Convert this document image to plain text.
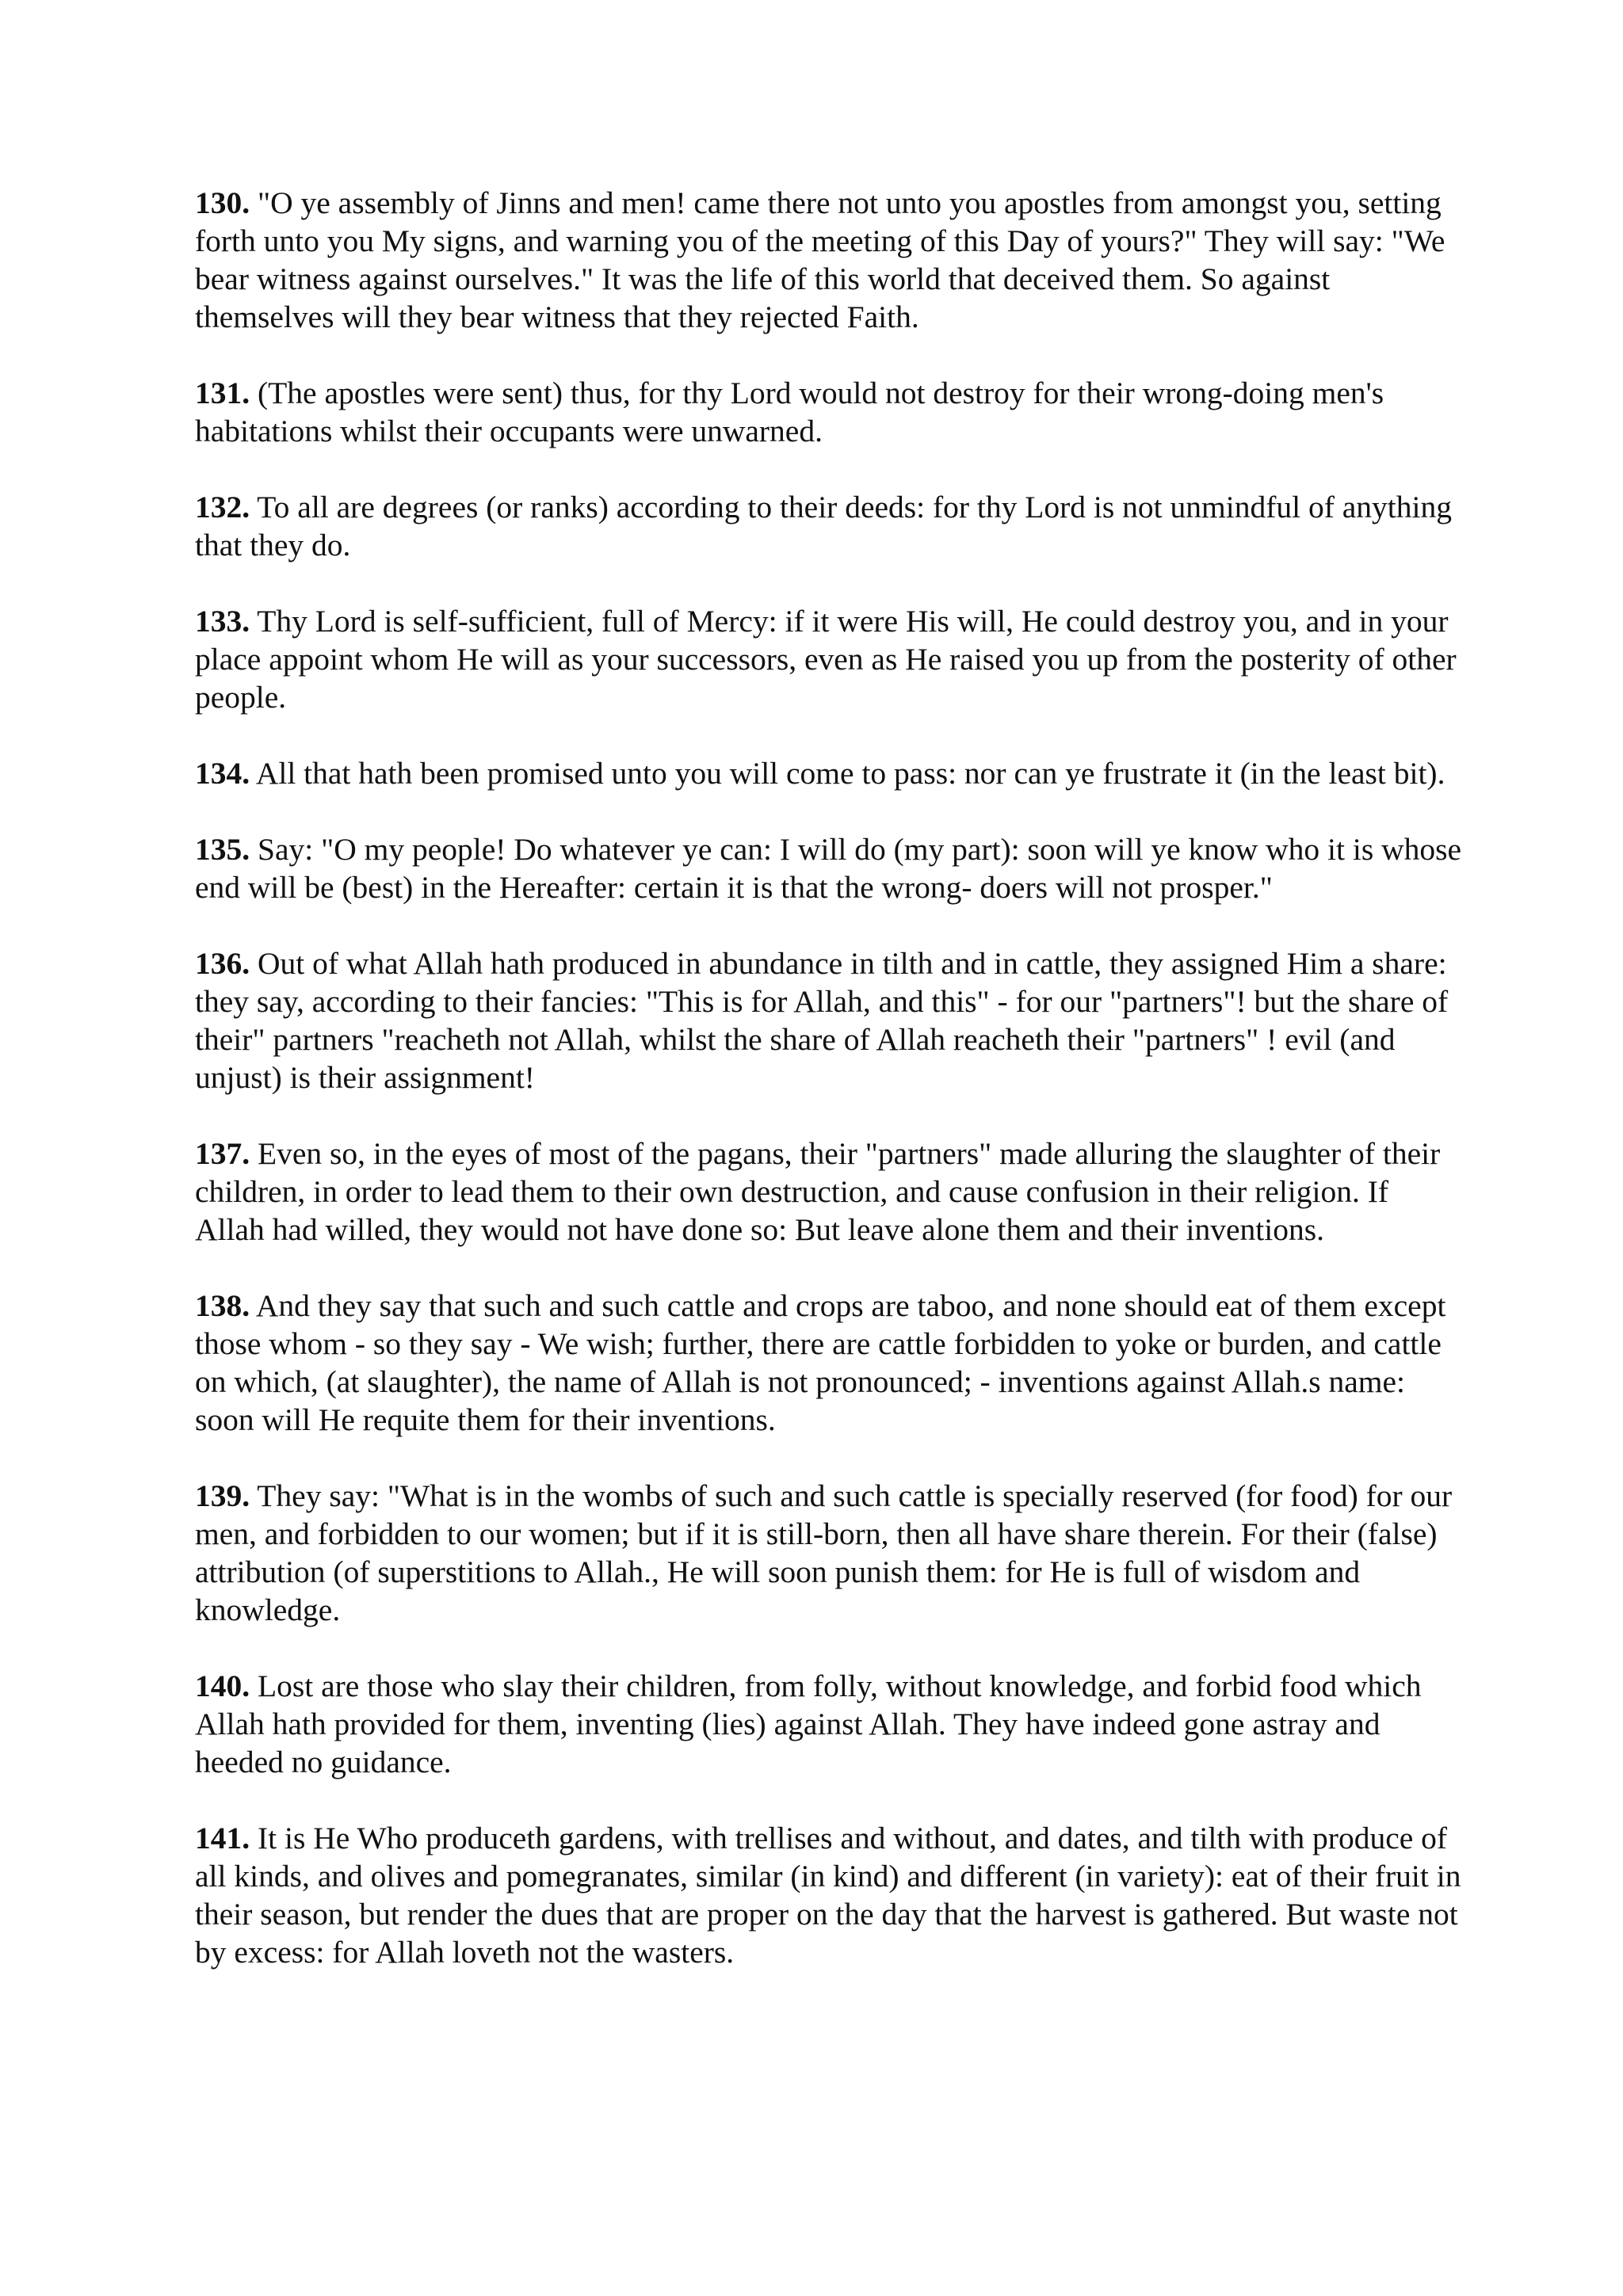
130. "O ye assembly of Jinns and men! came there not unto you apostles from amongst you, setting forth unto you My signs, and warning you of the meeting of this Day of yours?" They will say: "We bear witness against ourselves." It was the life of this world that deceived them. So against themselves will they bear witness that they rejected Faith.

131. (The apostles were sent) thus, for thy Lord would not destroy for their wrong-doing men's habitations whilst their occupants were unwarned.

132. To all are degrees (or ranks) according to their deeds: for thy Lord is not unmindful of anything that they do.

133. Thy Lord is self-sufficient, full of Mercy: if it were His will, He could destroy you, and in your place appoint whom He will as your successors, even as He raised you up from the posterity of other people.

134. All that hath been promised unto you will come to pass: nor can ye frustrate it (in the least bit).

135. Say: "O my people! Do whatever ye can: I will do (my part): soon will ye know who it is whose end will be (best) in the Hereafter: certain it is that the wrong- doers will not prosper."

136. Out of what Allah hath produced in abundance in tilth and in cattle, they assigned Him a share: they say, according to their fancies: "This is for Allah, and this" - for our "partners"! but the share of their" partners "reacheth not Allah, whilst the share of Allah reacheth their "partners" ! evil (and unjust) is their assignment!

137. Even so, in the eyes of most of the pagans, their "partners" made alluring the slaughter of their children, in order to lead them to their own destruction, and cause confusion in their religion. If Allah had willed, they would not have done so: But leave alone them and their inventions.

138. And they say that such and such cattle and crops are taboo, and none should eat of them except those whom - so they say - We wish; further, there are cattle forbidden to yoke or burden, and cattle on which, (at slaughter), the name of Allah is not pronounced; - inventions against Allah.s name: soon will He requite them for their inventions.

139. They say: "What is in the wombs of such and such cattle is specially reserved (for food) for our men, and forbidden to our women; but if it is still-born, then all have share therein. For their (false) attribution (of superstitions to Allah., He will soon punish them: for He is full of wisdom and knowledge.

140. Lost are those who slay their children, from folly, without knowledge, and forbid food which Allah hath provided for them, inventing (lies) against Allah. They have indeed gone astray and heeded no guidance.

141. It is He Who produceth gardens, with trellises and without, and dates, and tilth with produce of all kinds, and olives and pomegranates, similar (in kind) and different (in variety): eat of their fruit in their season, but render the dues that are proper on the day that the harvest is gathered. But waste not by excess: for Allah loveth not the wasters.
